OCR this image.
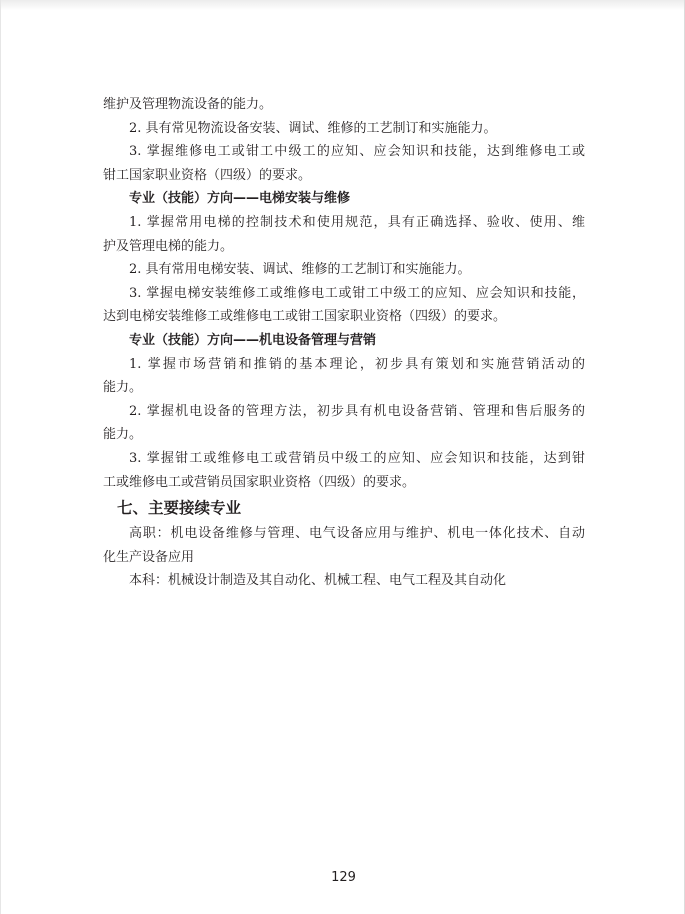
维护及管理物流设备的能力。
2. 具有常见物流设备安装、调试、维修的工艺制订和实施能力。
3. 掌握维修电工或钳工中级工的应知、应会知识和技能，达到维修电工或
钳工国家职业资格（四级）的要求。
专业（技能）方向——电梯安装与维修
1. 掌握常用电梯的控制技术和使用规范，具有正确选择、验收、使用、维
护及管理电梯的能力。
2. 具有常用电梯安装、调试、维修的工艺制订和实施能力。
3. 掌握电梯安装维修工或维修电工或钳工中级工的应知、应会知识和技能，
达到电梯安装维修工或维修电工或钳工国家职业资格（四级）的要求。
专业（技能）方向——机电设备管理与营销
1. 掌握市场营销和推销的基本理论，初步具有策划和实施营销活动的
能力。
2. 掌握机电设备的管理方法，初步具有机电设备营销、管理和售后服务的
能力。
3. 掌握钳工或维修电工或营销员中级工的应知、应会知识和技能，达到钳
工或维修电工或营销员国家职业资格（四级）的要求。
七、主要接续专业
高职：机电设备维修与管理、电气设备应用与维护、机电一体化技术、自动
化生产设备应用
本科：机械设计制造及其自动化、机械工程、电气工程及其自动化
129
